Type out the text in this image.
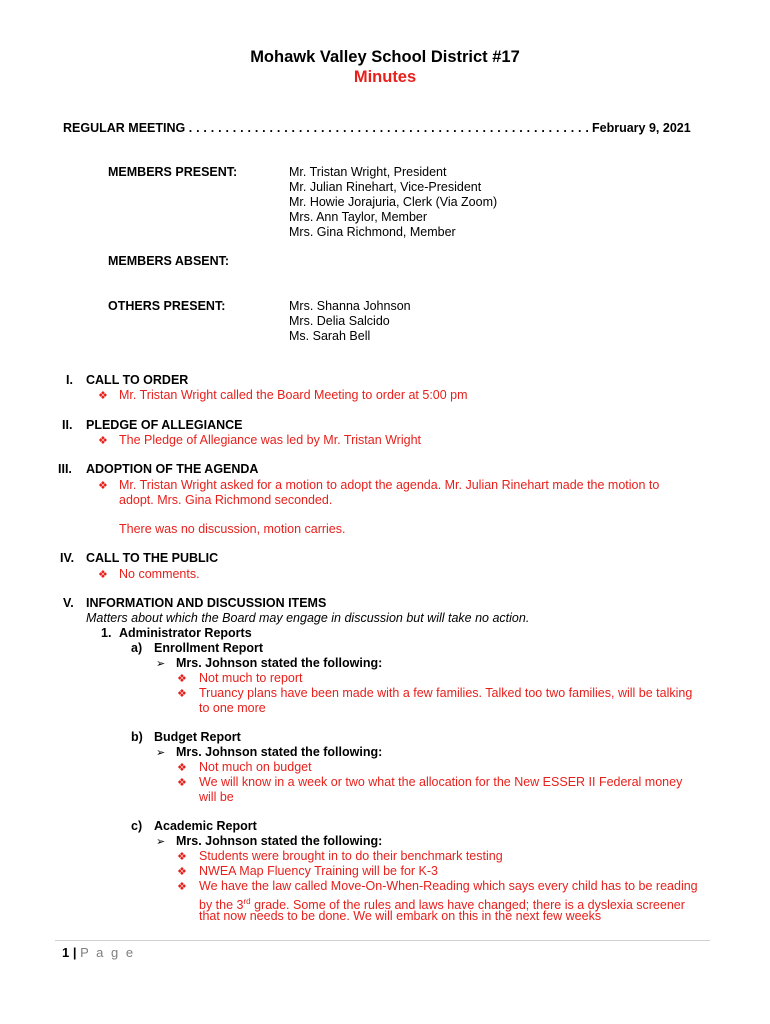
Mohawk Valley School District #17
Minutes
REGULAR MEETING . . . . . . . . . . . . . . . . . . . . . . . . . . . . . . . . . . . . . . . . . . . . . . . . . . . . . . . February 9, 2021
MEMBERS PRESENT:	Mr. Tristan Wright, President
Mr. Julian Rinehart, Vice-President
Mr. Howie Jorajuria, Clerk (Via Zoom)
Mrs. Ann Taylor, Member
Mrs. Gina Richmond, Member
MEMBERS ABSENT:
OTHERS PRESENT:	Mrs. Shanna Johnson
Mrs. Delia Salcido
Ms. Sarah Bell
I. CALL TO ORDER
❖ Mr. Tristan Wright called the Board Meeting to order at 5:00 pm
II. PLEDGE OF ALLEGIANCE
❖ The Pledge of Allegiance was led by Mr. Tristan Wright
III. ADOPTION OF THE AGENDA
❖ Mr. Tristan Wright asked for a motion to adopt the agenda. Mr. Julian Rinehart made the motion to
adopt. Mrs. Gina Richmond seconded.
There was no discussion, motion carries.
IV. CALL TO THE PUBLIC
❖ No comments.
V. INFORMATION AND DISCUSSION ITEMS
Matters about which the Board may engage in discussion but will take no action.
1. Administrator Reports
a) Enrollment Report
➢ Mrs. Johnson stated the following:
❖ Not much to report
❖ Truancy plans have been made with a few families. Talked too two families, will be talking
to one more
b) Budget Report
➢ Mrs. Johnson stated the following:
❖ Not much on budget
❖ We will know in a week or two what the allocation for the New ESSER II Federal money
will be
c) Academic Report
➢ Mrs. Johnson stated the following:
❖ Students were brought in to do their benchmark testing
❖ NWEA Map Fluency Training will be for K-3
❖ We have the law called Move-On-When-Reading which says every child has to be reading
by the 3rd grade. Some of the rules and laws have changed; there is a dyslexia screener
that now needs to be done. We will embark on this in the next few weeks
1 | P a g e
